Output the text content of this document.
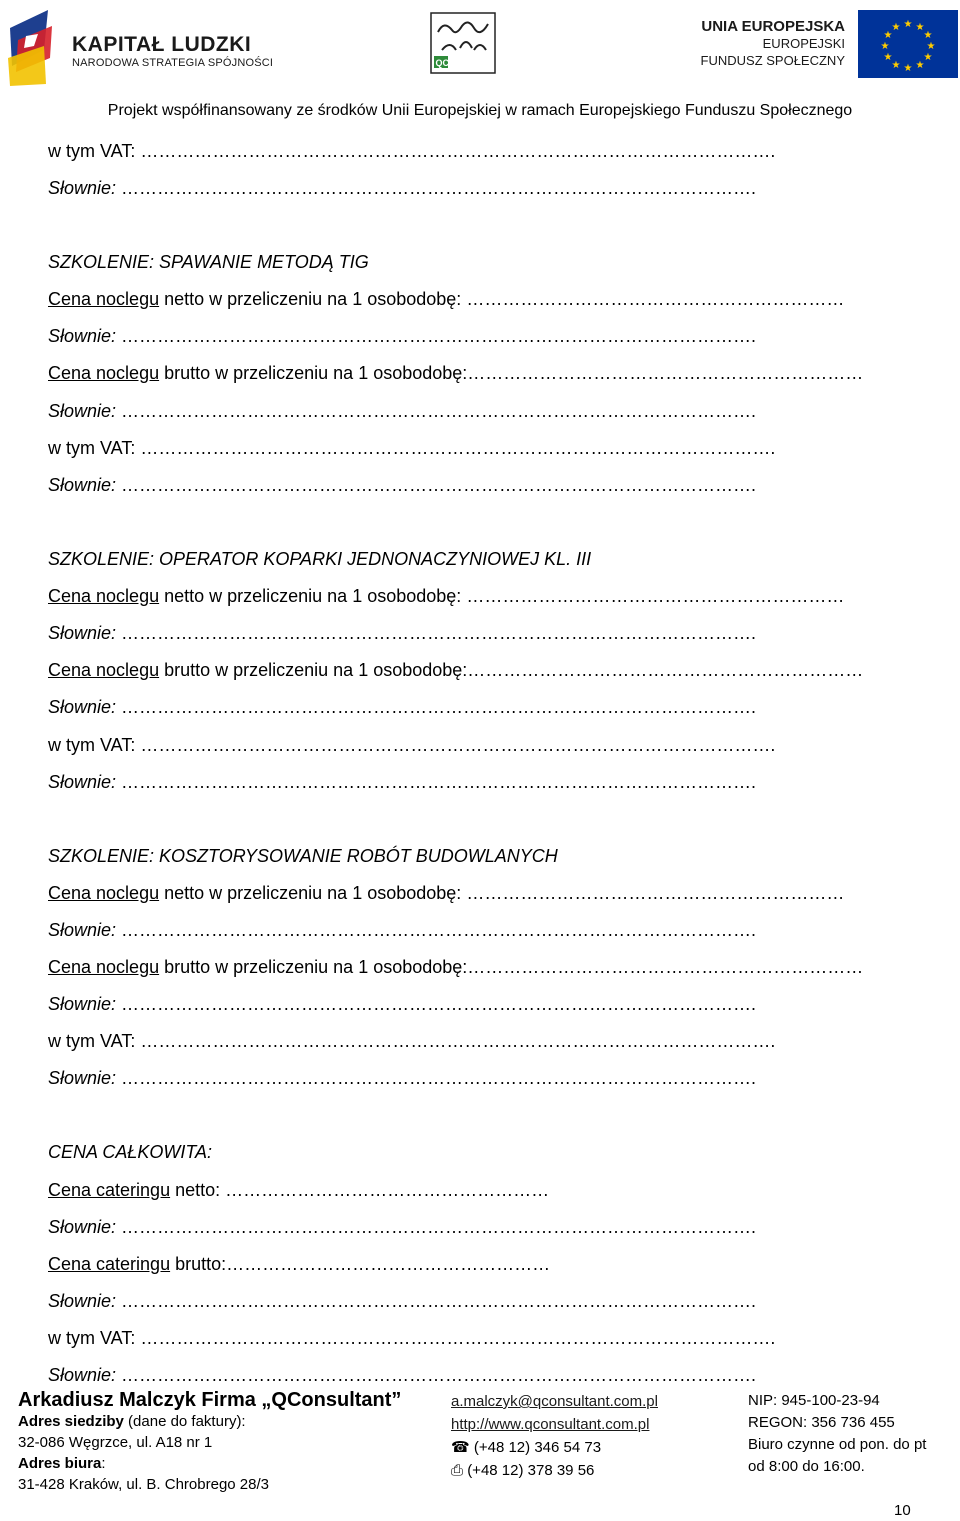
KAPITAŁ LUDZKI
NARODOWA STRATEGIA SPÓJNOŚCI	QC
UNIA EUROPEJSKA
EUROPEJSKI
FUNDUSZ SPOŁECZNY
★ ★
★
★
★
★
★
★
★
★
★
★
Projekt współfinansowany ze środków Unii Europejskiej w ramach Europejskiego Funduszu Społecznego
w tym VAT: …………………………………………………………………………………………….
Słownie: …………………………………………………………………………………………….
SZKOLENIE: SPAWANIE METODĄ TIG
Cena noclegu netto w przeliczeniu na 1 osobodobę: ………………………………………………………
Słownie: …………………………………………………………………………………………….
Cena noclegu brutto w przeliczeniu na 1 osobodobę:…………………………………………………………
Słownie: …………………………………………………………………………………………….
w tym VAT: …………………………………………………………………………………………….
Słownie: …………………………………………………………………………………………….
SZKOLENIE: OPERATOR KOPARKI JEDNONACZYNIOWEJ KL. III
Cena noclegu netto w przeliczeniu na 1 osobodobę: ………………………………………………………
Słownie: …………………………………………………………………………………………….
Cena noclegu brutto w przeliczeniu na 1 osobodobę:…………………………………………………………
Słownie: …………………………………………………………………………………………….
w tym VAT: …………………………………………………………………………………………….
Słownie: …………………………………………………………………………………………….
SZKOLENIE: KOSZTORYSOWANIE ROBÓT BUDOWLANYCH
Cena noclegu netto w przeliczeniu na 1 osobodobę: ………………………………………………………
Słownie: …………………………………………………………………………………………….
Cena noclegu brutto w przeliczeniu na 1 osobodobę:…………………………………………………………
Słownie: …………………………………………………………………………………………….
w tym VAT: …………………………………………………………………………………………….
Słownie: …………………………………………………………………………………………….
CENA CAŁKOWITA:
Cena cateringu netto: ………………………………………………
Słownie: …………………………………………………………………………………………….
Cena cateringu brutto:………………………………………………
Słownie: …………………………………………………………………………………………….
w tym VAT: …………………………………………………………………………………………….
Słownie: …………………………………………………………………………………………….
Arkadiusz Malczyk Firma „QConsultant”
Adres siedziby (dane do faktury):
32-086 Węgrzce, ul. A18 nr 1
Adres biura:
31-428 Kraków, ul. B. Chrobrego 28/3
a.malczyk@qconsultant.com.pl
http://www.qconsultant.com.pl
☎ (+48 12) 346 54 73
⎙ (+48 12) 378 39 56
NIP: 945-100-23-94
REGON: 356 736 455
Biuro czynne od pon. do pt
od 8:00 do 16:00.
10
